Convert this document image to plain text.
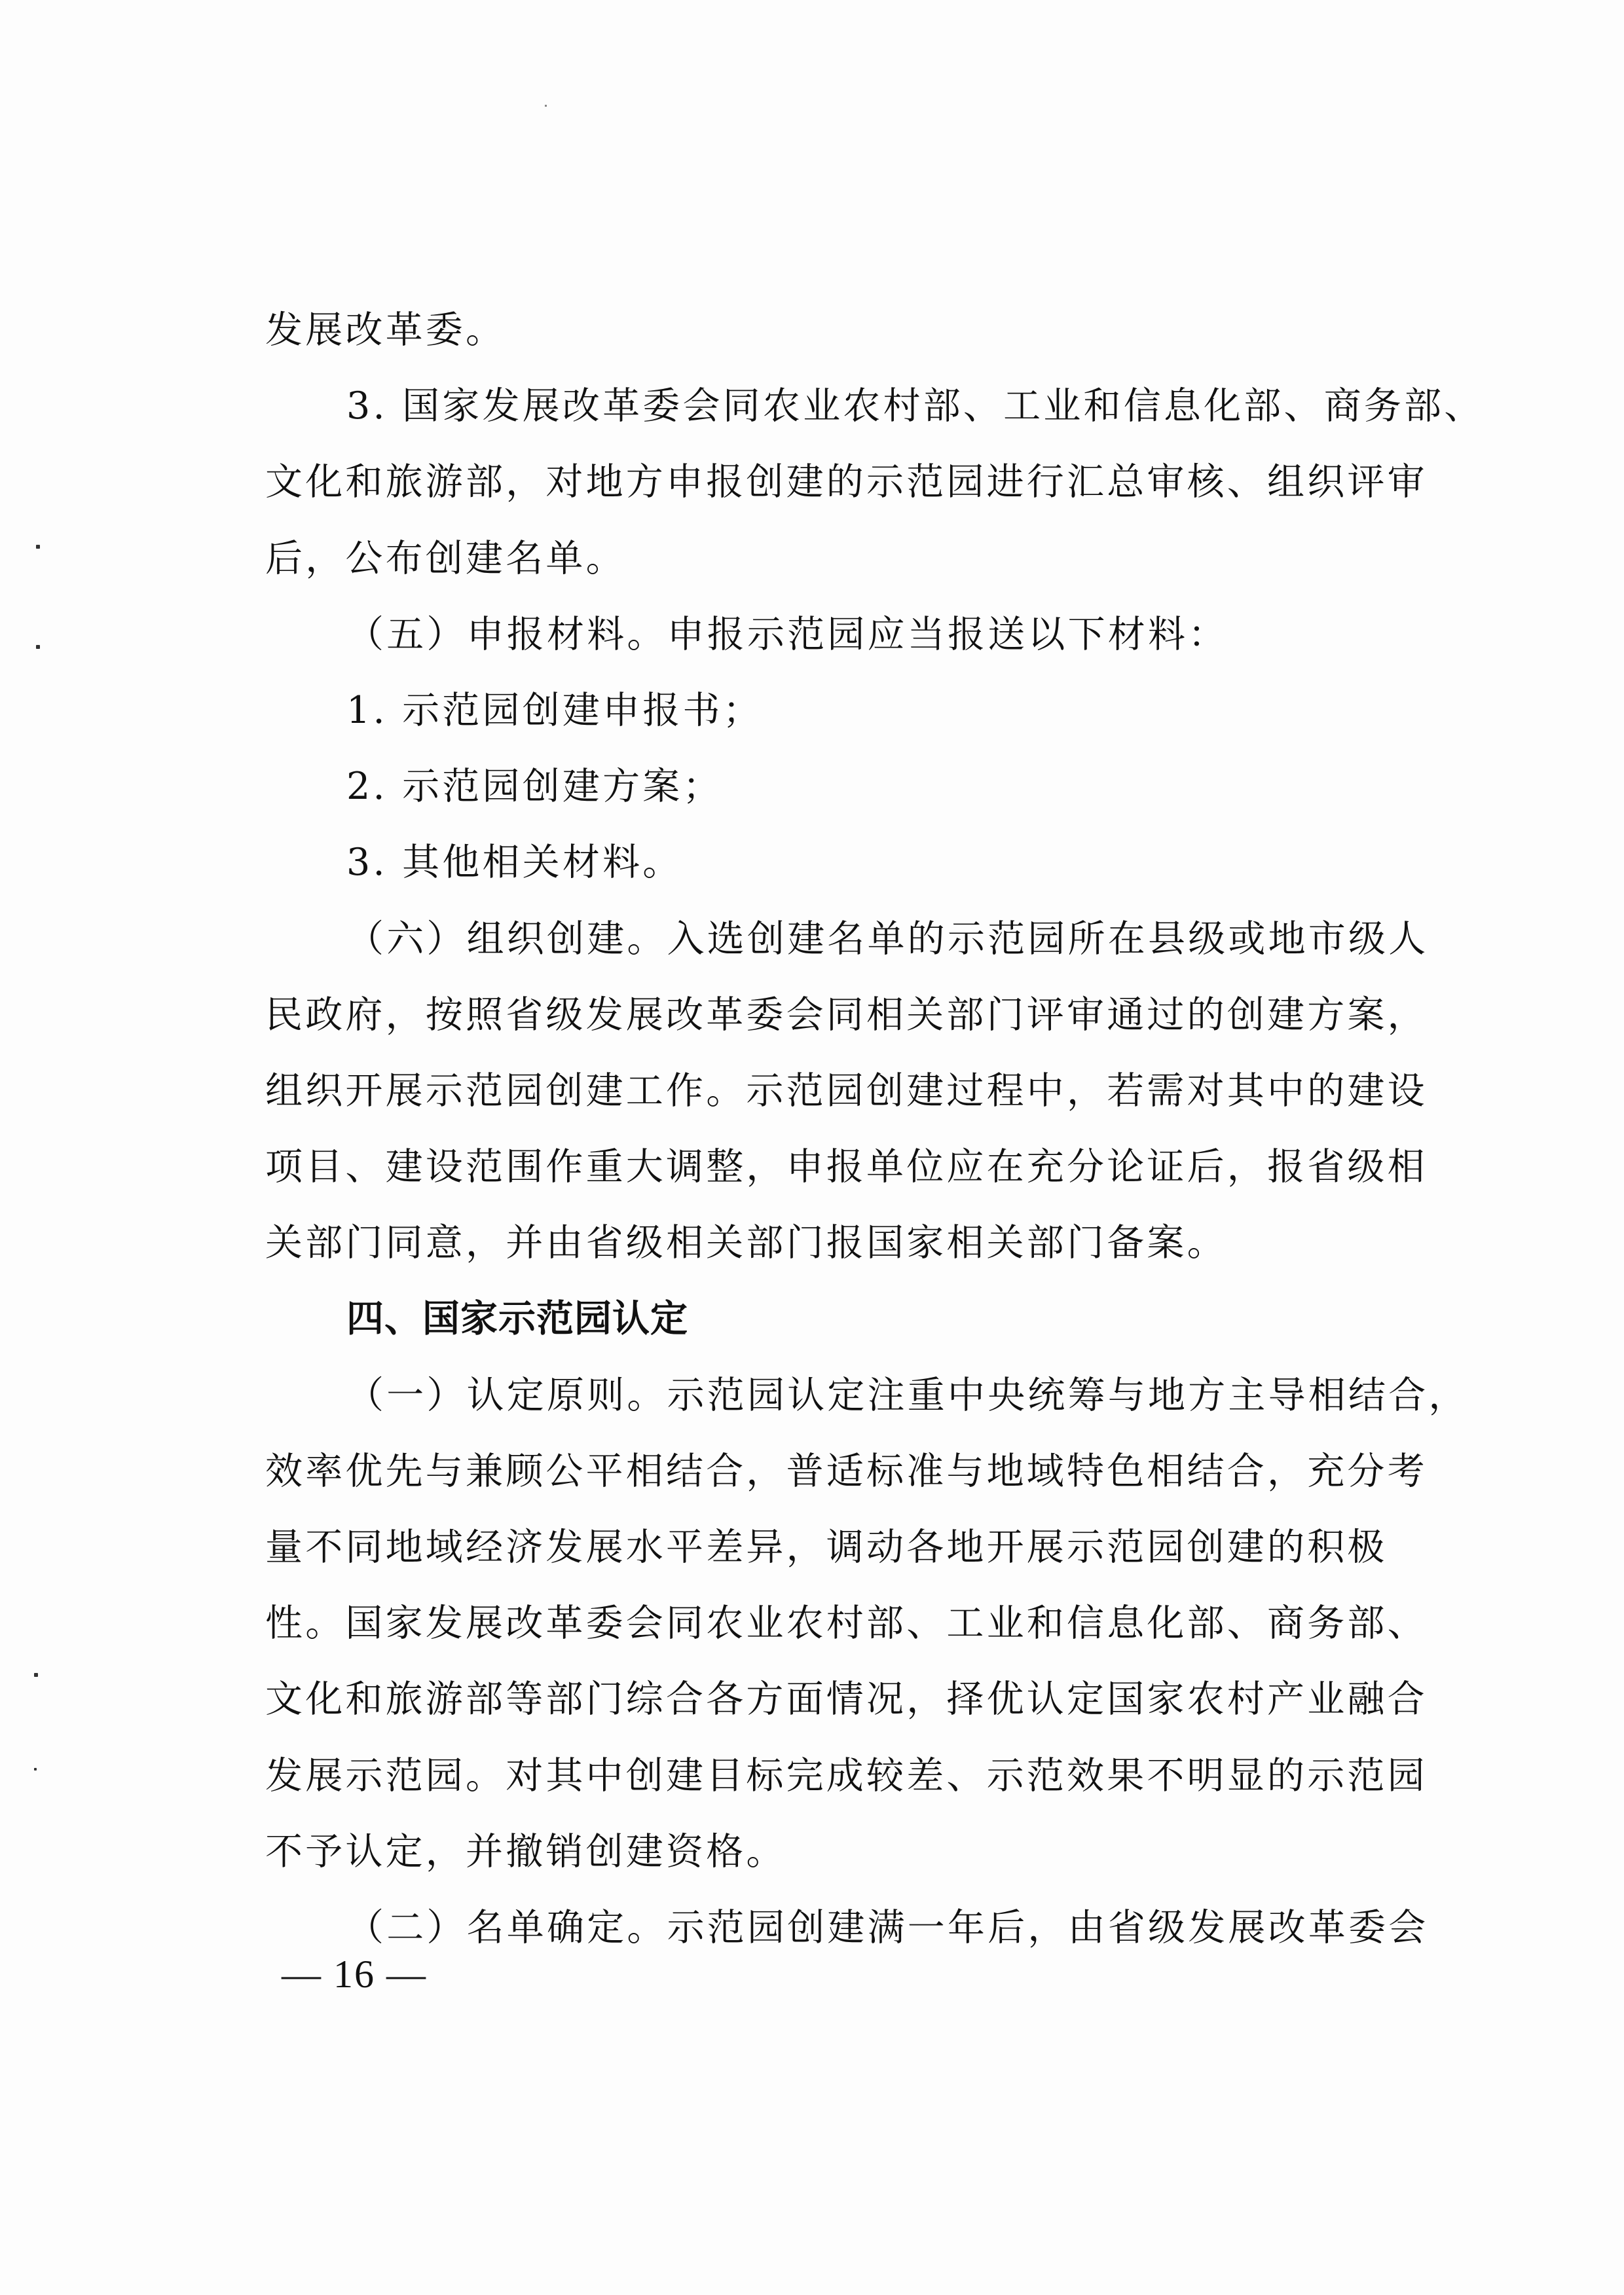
发展改革委。
3. 国家发展改革委会同农业农村部、工业和信息化部、商务部、
文化和旅游部，对地方申报创建的示范园进行汇总审核、组织评审
后，公布创建名单。
（五）申报材料。申报示范园应当报送以下材料：
1. 示范园创建申报书；
2. 示范园创建方案；
3. 其他相关材料。
（六）组织创建。入选创建名单的示范园所在县级或地市级人
民政府，按照省级发展改革委会同相关部门评审通过的创建方案，
组织开展示范园创建工作。示范园创建过程中，若需对其中的建设
项目、建设范围作重大调整，申报单位应在充分论证后，报省级相
关部门同意，并由省级相关部门报国家相关部门备案。
四、国家示范园认定
（一）认定原则。示范园认定注重中央统筹与地方主导相结合，
效率优先与兼顾公平相结合，普适标准与地域特色相结合，充分考
量不同地域经济发展水平差异，调动各地开展示范园创建的积极
性。国家发展改革委会同农业农村部、工业和信息化部、商务部、
文化和旅游部等部门综合各方面情况，择优认定国家农村产业融合
发展示范园。对其中创建目标完成较差、示范效果不明显的示范园
不予认定，并撤销创建资格。
（二）名单确定。示范园创建满一年后，由省级发展改革委会
— 16 —
